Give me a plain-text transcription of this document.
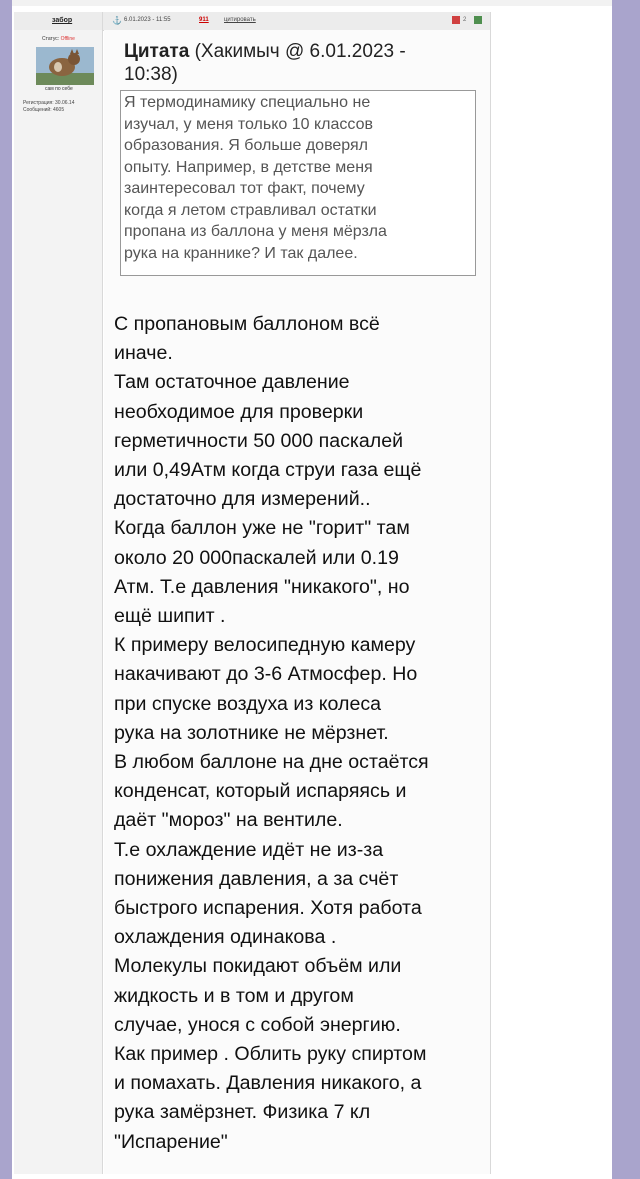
забор	⚓ 6.01.2023 - 11:55	911	цитировать	2
Статус: Offline
сам по себе
Регистрация: 30.06.14
Сообщений: 4605
Цитата (Хакимыч @ 6.01.2023 -
10:38)
Я термодинамику специально не
изучал, у меня только 10 классов
образования. Я больше доверял
опыту. Например, в детстве меня
заинтересовал тот факт, почему
когда я летом стравливал остатки
пропана из баллона у меня мёрзла
рука на краннике? И так далее.
С пропановым баллоном всё
иначе.
Там остаточное давление
необходимое для проверки
герметичности 50 000 паскалей
или 0,49Атм когда струи газа ещё
достаточно для измерений..
Когда баллон уже не "горит" там
около 20 000паскалей или 0.19
Атм. Т.е давления "никакого", но
ещё шипит .
К примеру велосипедную камеру
накачивают до 3-6 Атмосфер. Но
при спуске воздуха из колеса
рука на золотнике не мёрзнет.
В любом баллоне на дне остаётся
конденсат, который испаряясь и
даёт "мороз" на вентиле.
Т.е охлаждение идёт не из-за
понижения давления, а за счёт
быстрого испарения. Хотя работа
охлаждения одинакова .
Молекулы покидают объём или
жидкость и в том и другом
случае, унося с собой энергию.
Как пример . Облить руку спиртом
и помахать. Давления никакого, а
рука замёрзнет. Физика 7 кл
"Испарение"
